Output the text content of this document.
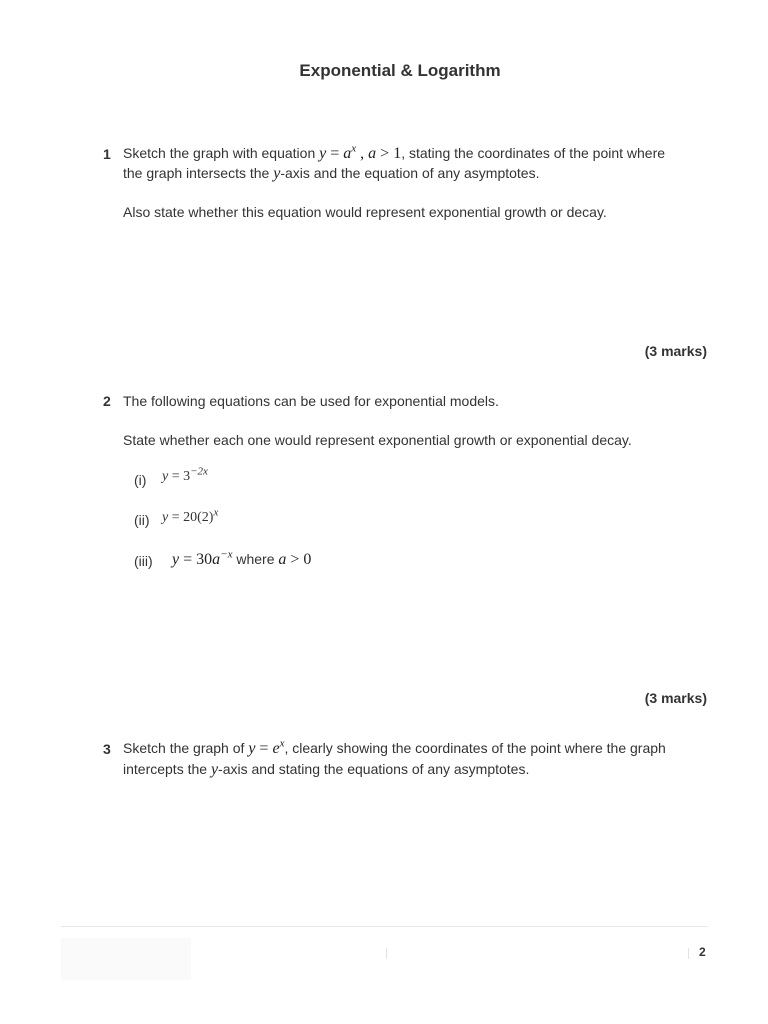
Exponential & Logarithm
1 Sketch the graph with equation $y = a^x$ , a > 1, stating the coordinates of the point where
the graph intersects the y-axis and the equation of any asymptotes.
Also state whether this equation would represent exponential growth or decay.
(3 marks)
2 The following equations can be used for exponential models.
State whether each one would represent exponential growth or exponential decay.
(i) $y = 3^{-2x}$
(ii) $y = 20(2)^x$
(iii) $y = 30a^{-x}$ where a > 0
(3 marks)
3 Sketch the graph of $y = e^x$, clearly showing the coordinates of the point where the graph
intercepts the y-axis and stating the equations of any asymptotes.
2
